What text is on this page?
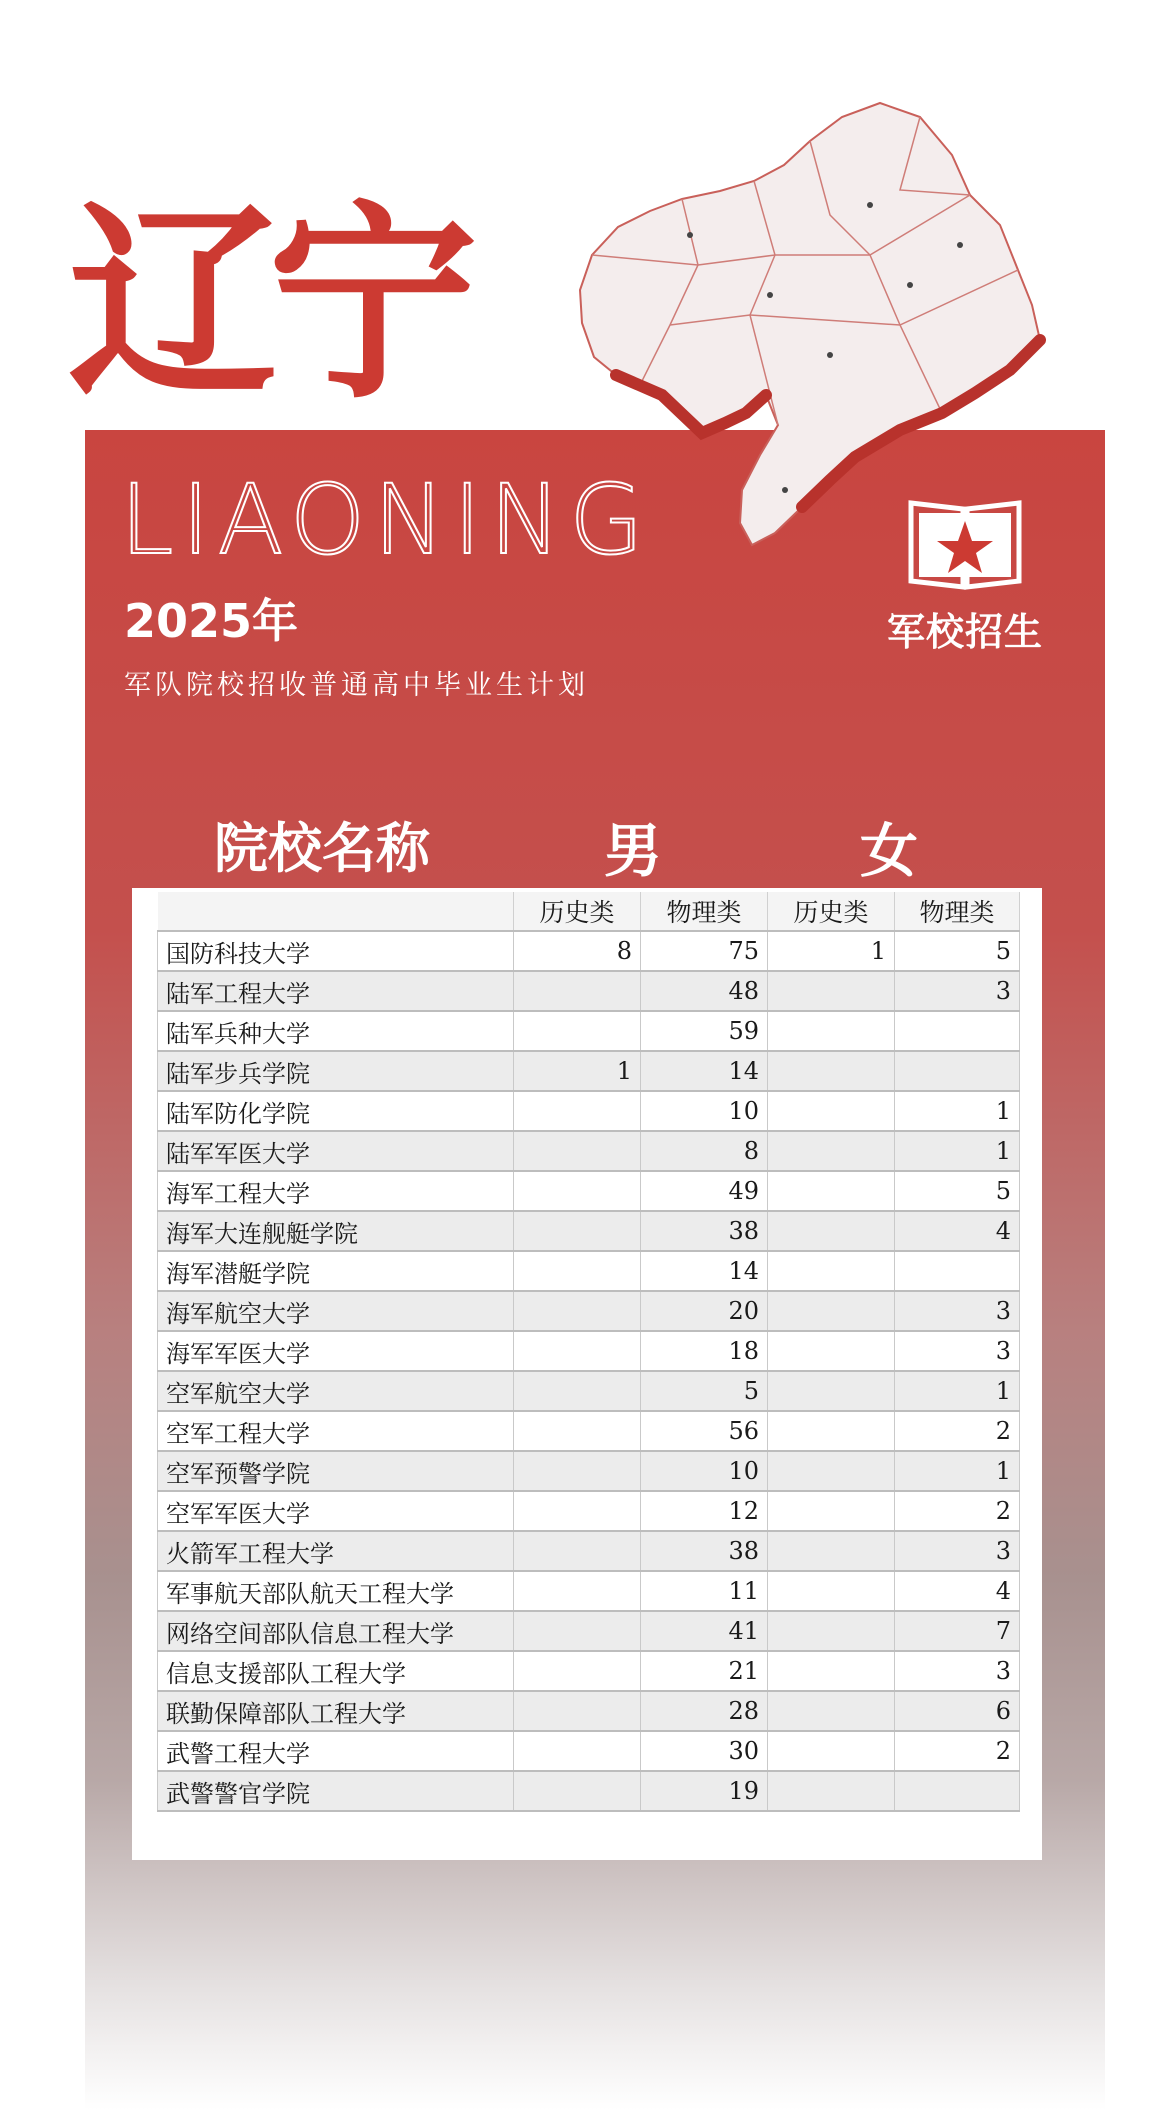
辽宁
LIAONING
2025年
军队院校招收普通高中毕业生计划
军校招生
院校名称	男	女
	历史类	物理类	历史类	物理类
国防科技大学	8	75	1	5
陆军工程大学		48		3
陆军兵种大学		59		
陆军步兵学院	1	14		
陆军防化学院		10		1
陆军军医大学		8		1
海军工程大学		49		5
海军大连舰艇学院		38		4
海军潜艇学院		14		
海军航空大学		20		3
海军军医大学		18		3
空军航空大学		5		1
空军工程大学		56		2
空军预警学院		10		1
空军军医大学		12		2
火箭军工程大学		38		3
军事航天部队航天工程大学		11		4
网络空间部队信息工程大学		41		7
信息支援部队工程大学		21		3
联勤保障部队工程大学		28		6
武警工程大学		30		2
武警警官学院		19		
